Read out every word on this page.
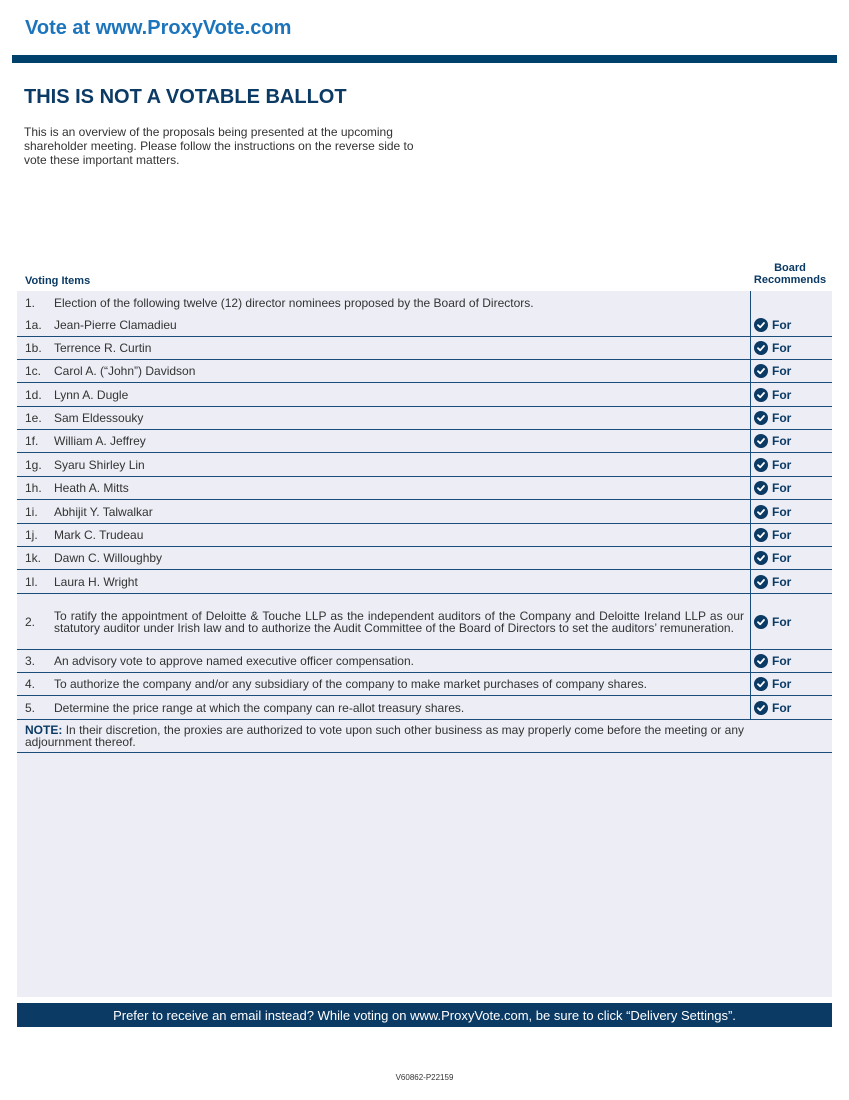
Vote at www.ProxyVote.com
THIS IS NOT A VOTABLE BALLOT

This is an overview of the proposals being presented at the upcoming shareholder meeting. Please follow the instructions on the reverse side to vote these important matters.

Voting Items
Board
Recommends
1.	Election of the following twelve (12) director nominees proposed by the Board of Directors.
1a.	Jean-Pierre Clamadieu	For
1b.	Terrence R. Curtin	For
1c.	Carol A. (“John”) Davidson	For
1d.	Lynn A. Dugle	For
1e.	Sam Eldessouky	For
1f.	William A. Jeffrey	For
1g.	Syaru Shirley Lin	For
1h.	Heath A. Mitts	For
1i.	Abhijit Y. Talwalkar	For
1j.	Mark C. Trudeau	For
1k.	Dawn C. Willoughby	For
1l.	Laura H. Wright	For
2.	To ratify the appointment of Deloitte & Touche LLP as the independent auditors of the Company and Deloitte Ireland LLP as our statutory auditor under Irish law and to authorize the Audit Committee of the Board of Directors to set the auditors’ remuneration.	For
3.	An advisory vote to approve named executive officer compensation.	For
4.	To authorize the company and/or any subsidiary of the company to make market purchases of company shares.	For
5.	Determine the price range at which the company can re-allot treasury shares.	For
NOTE: In their discretion, the proxies are authorized to vote upon such other business as may properly come before the meeting or any adjournment thereof.
Prefer to receive an email instead? While voting on www.ProxyVote.com, be sure to click “Delivery Settings”.
V60862-P22159
